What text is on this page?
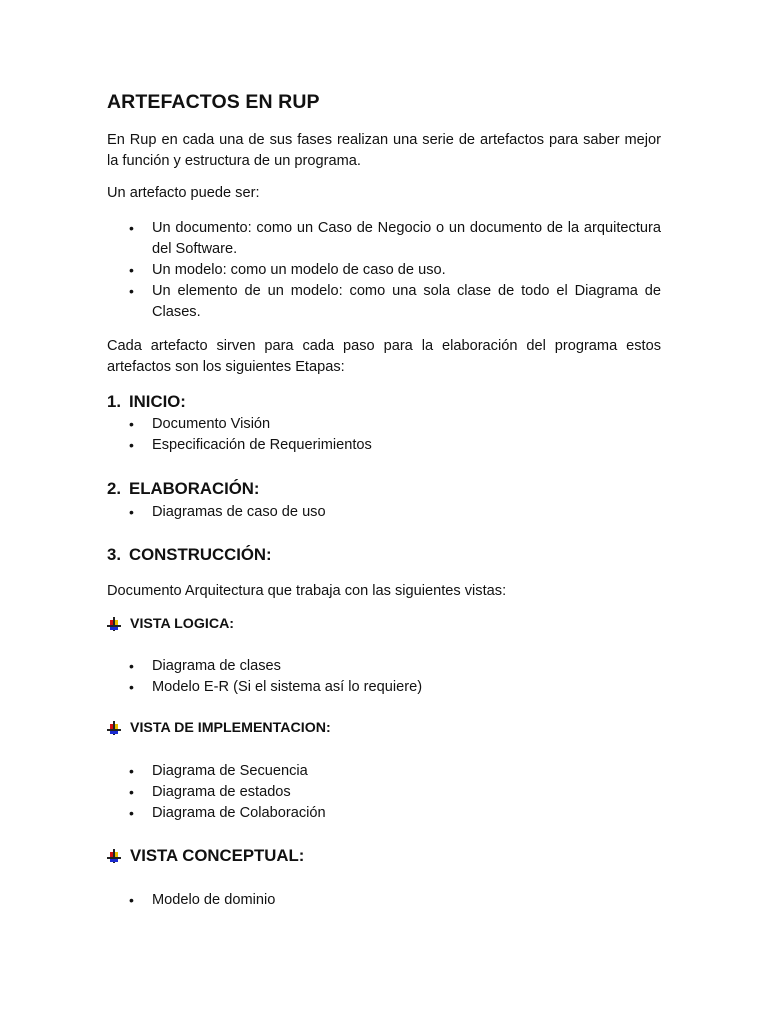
ARTEFACTOS EN RUP

En Rup en cada una de sus fases realizan una serie de artefactos para saber mejor la función y estructura de un programa.

Un artefacto puede ser:

• Un documento: como un Caso de Negocio o un documento de la arquitectura del Software.
• Un modelo: como un modelo de caso de uso.
• Un elemento de un modelo: como una sola clase de todo el Diagrama de Clases.

Cada artefacto sirven para cada paso para la elaboración del programa estos artefactos son los siguientes Etapas:

1. INICIO:
• Documento Visión
• Especificación de Requerimientos
2. ELABORACIÓN:
• Diagramas de caso de uso
3. CONSTRUCCIÓN:

Documento Arquitectura que trabaja con las siguientes vistas:

VISTA LOGICA:
• Diagrama de clases
• Modelo E-R (Si el sistema así lo requiere)
VISTA DE IMPLEMENTACION:
• Diagrama de Secuencia
• Diagrama de estados
• Diagrama de Colaboración
VISTA CONCEPTUAL:
• Modelo de dominio
